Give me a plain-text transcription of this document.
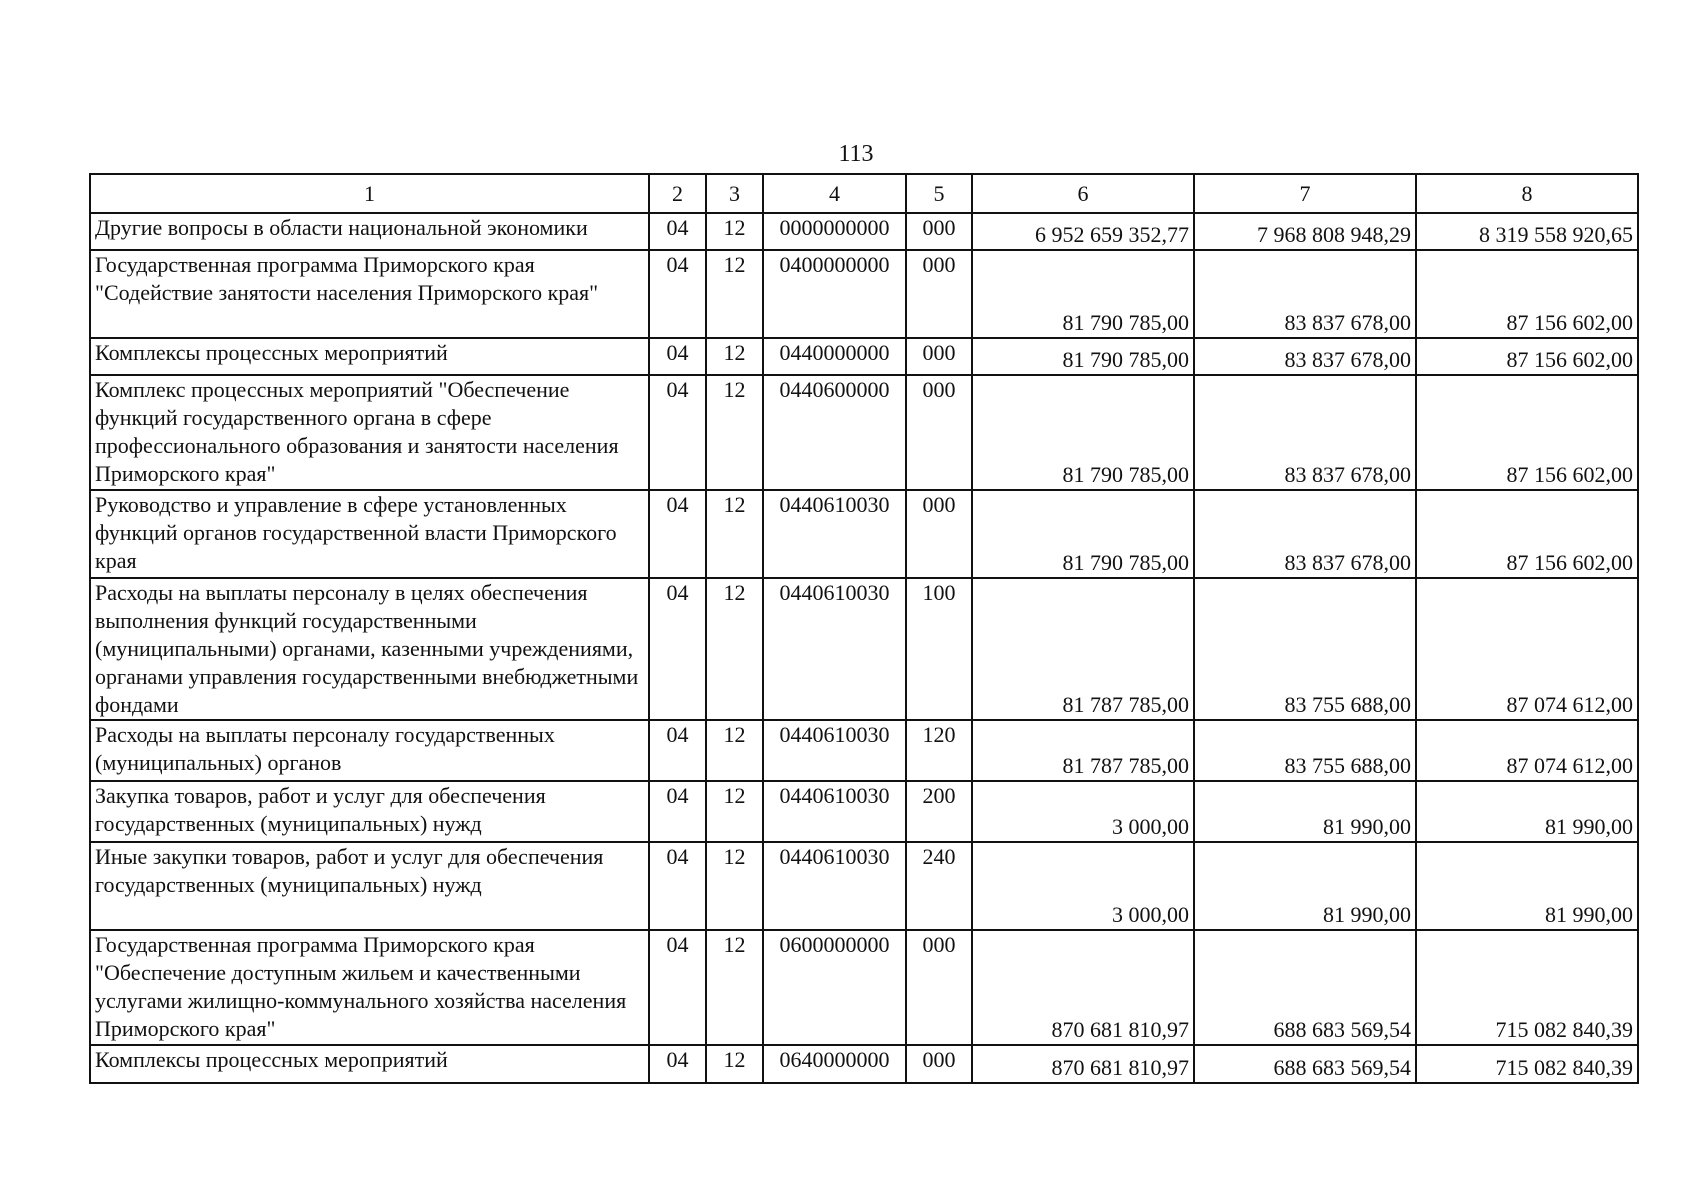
113
1	2	3	4	5	6	7	8
Другие вопросы в области национальной экономики	04	12	0000000000	000	6 952 659 352,77	7 968 808 948,29	8 319 558 920,65
Государственная программа Приморского края "Содействие занятости населения Приморского края"	04	12	0400000000	000	81 790 785,00	83 837 678,00	87 156 602,00
Комплексы процессных мероприятий	04	12	0440000000	000	81 790 785,00	83 837 678,00	87 156 602,00
Комплекс процессных мероприятий "Обеспечение функций государственного органа в сфере профессионального образования и занятости населения Приморского края"	04	12	0440600000	000	81 790 785,00	83 837 678,00	87 156 602,00
Руководство и управление в сфере установленных функций органов государственной власти Приморского края	04	12	0440610030	000	81 790 785,00	83 837 678,00	87 156 602,00
Расходы на выплаты персоналу в целях обеспечения выполнения функций государственными (муниципальными) органами, казенными учреждениями, органами управления государственными внебюджетными фондами	04	12	0440610030	100	81 787 785,00	83 755 688,00	87 074 612,00
Расходы на выплаты персоналу государственных (муниципальных) органов	04	12	0440610030	120	81 787 785,00	83 755 688,00	87 074 612,00
Закупка товаров, работ и услуг для обеспечения государственных (муниципальных) нужд	04	12	0440610030	200	3 000,00	81 990,00	81 990,00
Иные закупки товаров, работ и услуг для обеспечения государственных (муниципальных) нужд	04	12	0440610030	240	3 000,00	81 990,00	81 990,00
Государственная программа Приморского края "Обеспечение доступным жильем и качественными услугами жилищно-коммунального хозяйства населения Приморского края"	04	12	0600000000	000	870 681 810,97	688 683 569,54	715 082 840,39
Комплексы процессных мероприятий	04	12	0640000000	000	870 681 810,97	688 683 569,54	715 082 840,39
